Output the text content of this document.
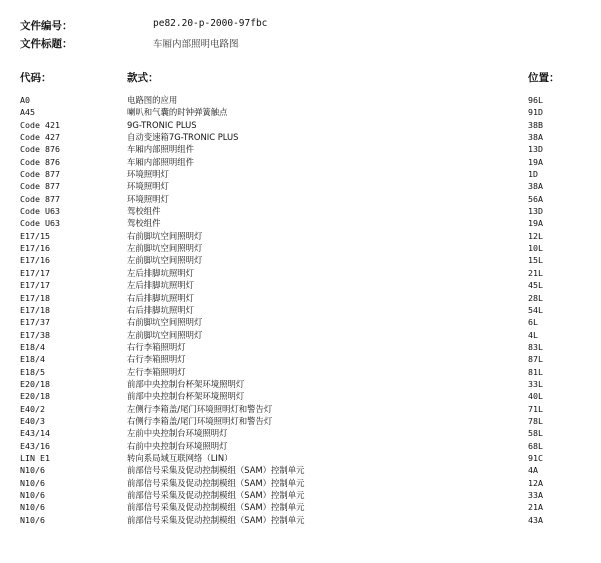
文件编号：	pe82.20-p-2000-97fbc
文件标题：	车厢内部照明电路图
代码：	款式：	位置：
A0	电路图的应用	96L
A45	喇叭和气囊的时钟弹簧触点	91D
Code 421	9G-TRONIC PLUS	38B
Code 427	自动变速箱7G-TRONIC PLUS	38A
Code 876	车厢内部照明组件	13D
Code 876	车厢内部照明组件	19A
Code 877	环境照明灯	1D
Code 877	环境照明灯	38A
Code 877	环境照明灯	56A
Code U63	驾校组件	13D
Code U63	驾校组件	19A
E17/15	右前脚坑空间照明灯	12L
E17/16	左前脚坑空间照明灯	10L
E17/16	左前脚坑空间照明灯	15L
E17/17	左后排脚坑照明灯	21L
E17/17	左后排脚坑照明灯	45L
E17/18	右后排脚坑照明灯	28L
E17/18	右后排脚坑照明灯	54L
E17/37	右前脚坑空间照明灯	6L
E17/38	左前脚坑空间照明灯	4L
E18/4	右行李箱照明灯	83L
E18/4	右行李箱照明灯	87L
E18/5	左行李箱照明灯	81L
E20/18	前部中央控制台杯架环境照明灯	33L
E20/18	前部中央控制台杯架环境照明灯	40L
E40/2	左侧行李箱盖/尾门环境照明灯和警告灯	71L
E40/3	右侧行李箱盖/尾门环境照明灯和警告灯	78L
E43/14	左前中央控制台环境照明灯	58L
E43/16	右前中央控制台环境照明灯	68L
LIN E1	转向系局域互联网络（LIN）	91C
N10/6	前部信号采集及促动控制模组（SAM）控制单元	4A
N10/6	前部信号采集及促动控制模组（SAM）控制单元	12A
N10/6	前部信号采集及促动控制模组（SAM）控制单元	33A
N10/6	前部信号采集及促动控制模组（SAM）控制单元	21A
N10/6	前部信号采集及促动控制模组（SAM）控制单元	43A
